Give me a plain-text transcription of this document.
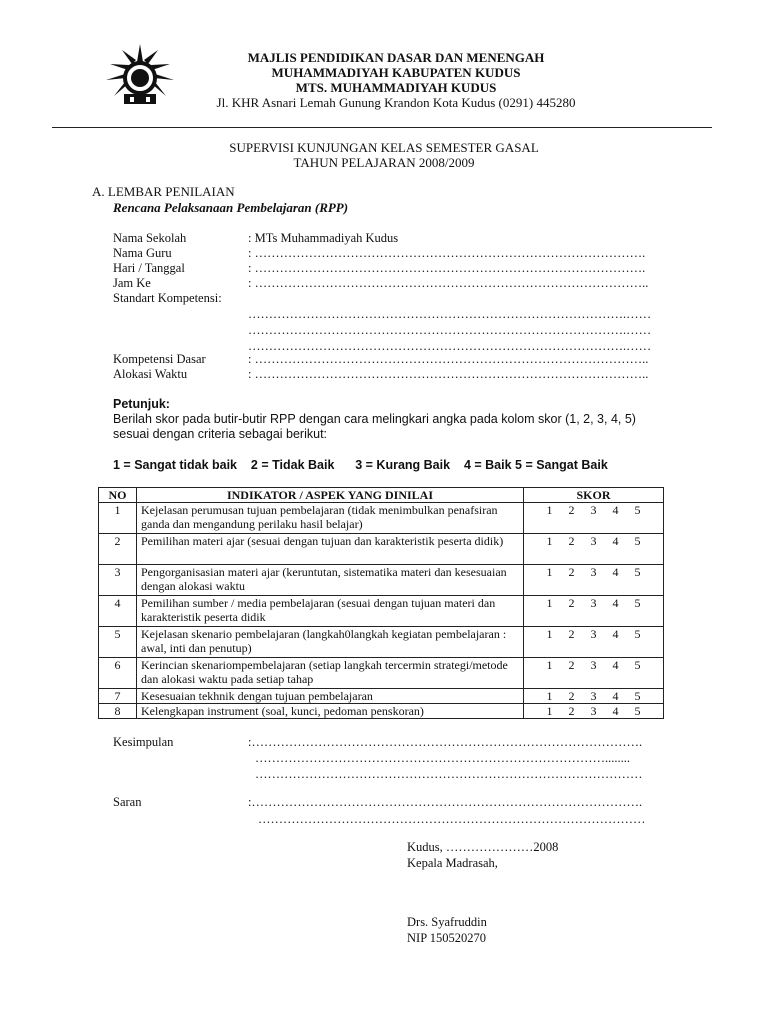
MAJLIS PENDIDIKAN DASAR DAN MENENGAH
MUHAMMADIYAH KABUPATEN KUDUS
MTS. MUHAMMADIYAH KUDUS
Jl. KHR Asnari Lemah Gunung Krandon Kota Kudus (0291) 445280
SUPERVISI KUNJUNGAN KELAS SEMESTER GASAL
TAHUN PELAJARAN 2008/2009
A. LEMBAR PENILAIAN
Rencana Pelaksanaan Pembelajaran (RPP)
Nama Sekolah	: MTs Muhammadiyah Kudus
Nama Guru	: ………………………………………………………………………………….
Hari / Tanggal	: ………………………………………………………………………………….
Jam Ke	: …………………………………………………………………………………..
Standart Kompetensi:
……………………………………………………………………………….……
……………………………………………………………………………….……
……………………………………………………………………………….……
Kompetensi Dasar	: …………………………………………………………………………………..
Alokasi Waktu	: …………………………………………………………………………………..
Petunjuk:
Berilah skor pada butir-butir RPP dengan cara melingkari angka pada kolom skor (1, 2, 3, 4, 5)
sesuai dengan criteria sebagai berikut:
1 = Sangat tidak baik    2 = Tidak Baik      3 = Kurang Baik    4 = Baik 5 = Sangat Baik
NO	INDIKATOR / ASPEK YANG DINILAI	SKOR
1	Kejelasan perumusan tujuan pembelajaran (tidak menimbulkan penafsiran ganda dan mengandung perilaku hasil belajar)	1 2 3 4 5
2	Pemilihan materi ajar (sesuai dengan tujuan dan karakteristik peserta didik)	1 2 3 4 5
3	Pengorganisasian materi ajar (keruntutan, sistematika materi dan kesesuaian dengan alokasi waktu	1 2 3 4 5
4	Pemilihan sumber / media pembelajaran (sesuai dengan tujuan materi dan karakteristik peserta didik	1 2 3 4 5
5	Kejelasan skenario pembelajaran (langkah0langkah kegiatan pembelajaran : awal, inti dan penutup)	1 2 3 4 5
6	Kerincian skenariompembelajaran (setiap langkah tercermin strategi/metode dan alokasi waktu pada setiap tahap	1 2 3 4 5
7	Kesesuaian tekhnik dengan tujuan pembelajaran	1 2 3 4 5
8	Kelengkapan instrument (soal, kunci, pedoman penskoran)	1 2 3 4 5
Kesimpulan	:………………………………………………………………………………….
…………………………………………………………………………........
…………………………………………………………………………………
Saran	:………………………………………………………………………………….
…………………………………………………………………………………
Kudus, …………………2008
Kepala Madrasah,
Drs. Syafruddin
NIP 150520270
